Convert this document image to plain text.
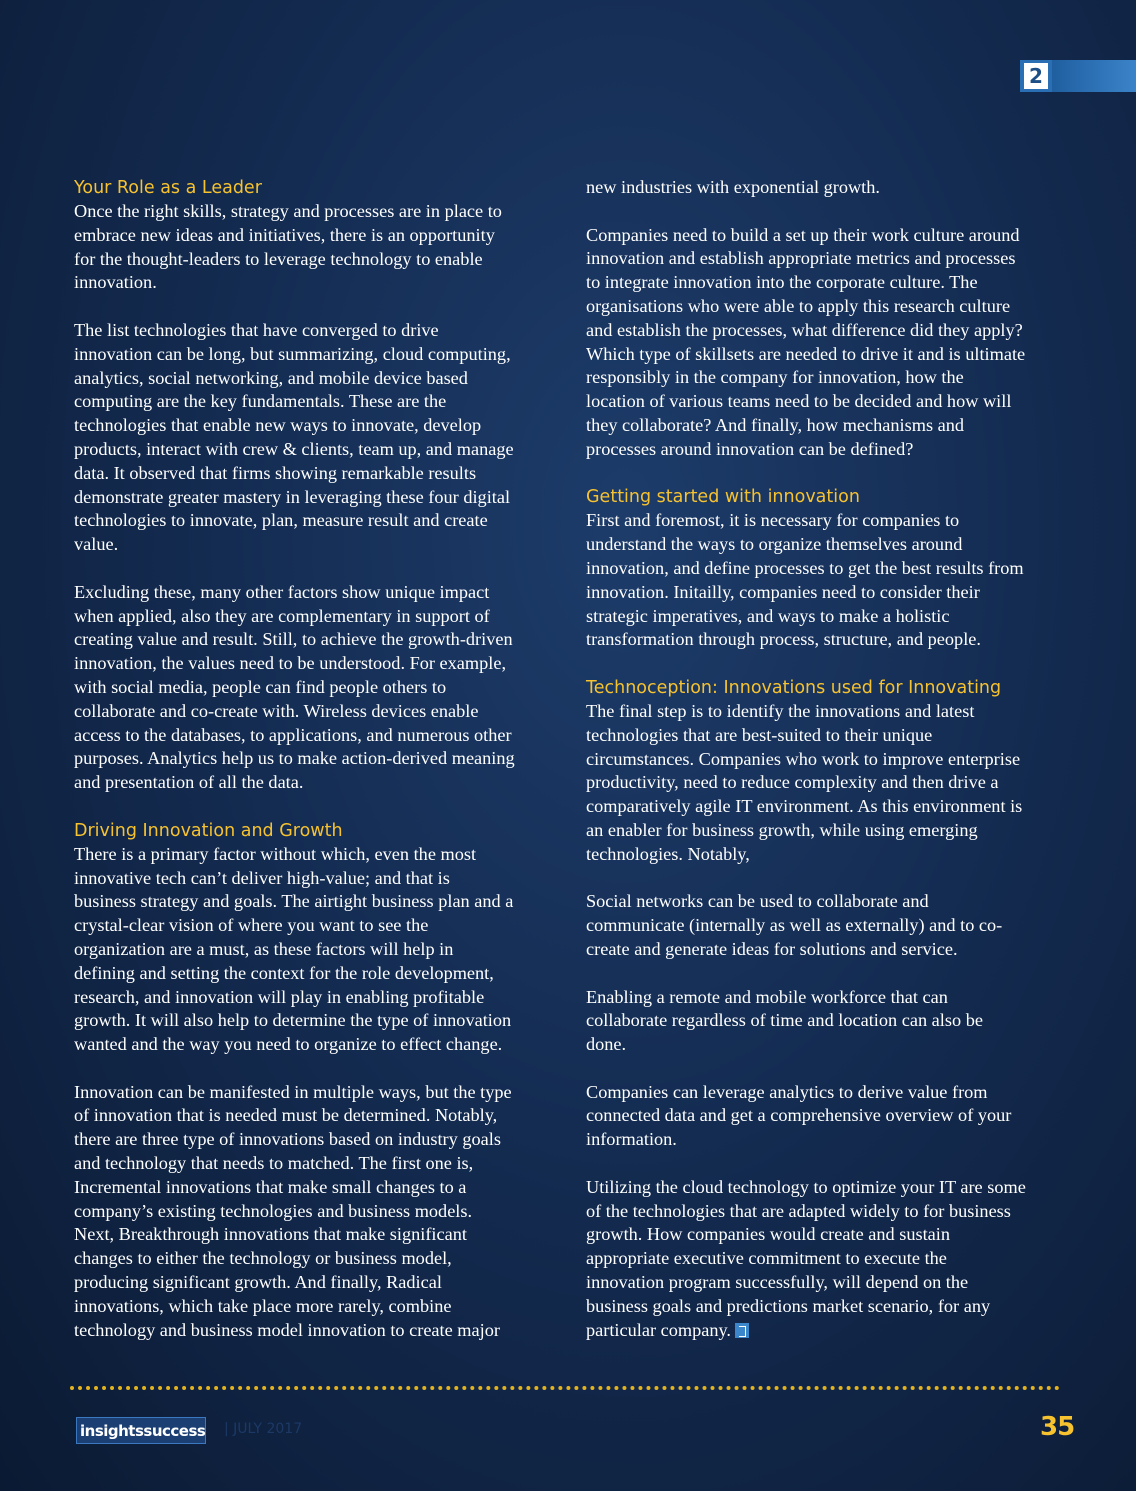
2
Your Role as a Leader

Once the right skills, strategy and processes are in place to
embrace new ideas and initiatives, there is an opportunity
for the thought-leaders to leverage technology to enable
innovation.

The list technologies that have converged to drive
innovation can be long, but summarizing, cloud computing,
analytics, social networking, and mobile device based
computing are the key fundamentals. These are the
technologies that enable new ways to innovate, develop
products, interact with crew & clients, team up, and manage
data. It observed that firms showing remarkable results
demonstrate greater mastery in leveraging these four digital
technologies to innovate, plan, measure result and create
value.

Excluding these, many other factors show unique impact
when applied, also they are complementary in support of
creating value and result. Still, to achieve the growth-driven
innovation, the values need to be understood. For example,
with social media, people can find people others to
collaborate and co-create with. Wireless devices enable
access to the databases, to applications, and numerous other
purposes. Analytics help us to make action-derived meaning
and presentation of all the data.

Driving Innovation and Growth

There is a primary factor without which, even the most
innovative tech can’t deliver high-value; and that is
business strategy and goals. The airtight business plan and a
crystal-clear vision of where you want to see the
organization are a must, as these factors will help in
defining and setting the context for the role development,
research, and innovation will play in enabling profitable
growth. It will also help to determine the type of innovation
wanted and the way you need to organize to effect change.

Innovation can be manifested in multiple ways, but the type
of innovation that is needed must be determined. Notably,
there are three type of innovations based on industry goals
and technology that needs to matched. The first one is,
Incremental innovations that make small changes to a
company’s existing technologies and business models.
Next, Breakthrough innovations that make significant
changes to either the technology or business model,
producing significant growth. And finally, Radical
innovations, which take place more rarely, combine
technology and business model innovation to create major

new industries with exponential growth.

Companies need to build a set up their work culture around
innovation and establish appropriate metrics and processes
to integrate innovation into the corporate culture. The
organisations who were able to apply this research culture
and establish the processes, what difference did they apply?
Which type of skillsets are needed to drive it and is ultimate
responsibly in the company for innovation, how the
location of various teams need to be decided and how will
they collaborate? And finally, how mechanisms and
processes around innovation can be defined?

Getting started with innovation

First and foremost, it is necessary for companies to
understand the ways to organize themselves around
innovation, and define processes to get the best results from
innovation. Initailly, companies need to consider their
strategic imperatives, and ways to make a holistic
transformation through process, structure, and people.

Technoception: Innovations used for Innovating

The final step is to identify the innovations and latest
technologies that are best-suited to their unique
circumstances. Companies who work to improve enterprise
productivity, need to reduce complexity and then drive a
comparatively agile IT environment. As this environment is
an enabler for business growth, while using emerging
technologies. Notably,

Social networks can be used to collaborate and
communicate (internally as well as externally) and to co-
create and generate ideas for solutions and service.

Enabling a remote and mobile workforce that can
collaborate regardless of time and location can also be
done.

Companies can leverage analytics to derive value from
connected data and get a comprehensive overview of your
information.

Utilizing the cloud technology to optimize your IT are some
of the technologies that are adapted widely to for business
growth. How companies would create and sustain
appropriate executive commitment to execute the
innovation program successfully, will depend on the
business goals and predictions market scenario, for any
particular company.

insights success | JULY 2017	35
